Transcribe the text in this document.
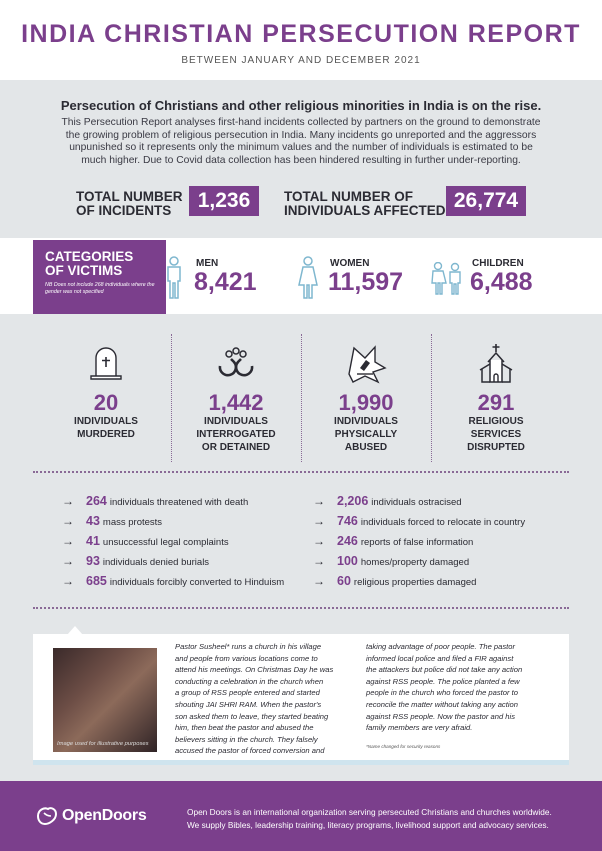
INDIA CHRISTIAN PERSECUTION REPORT
BETWEEN JANUARY AND DECEMBER 2021
Persecution of Christians and other religious minorities in India is on the rise.
This Persecution Report analyses first-hand incidents collected by partners on the ground to demonstrate the growing problem of religious persecution in India. Many incidents go unreported and the aggressors unpunished so it represents only the minimum values and the number of individuals is estimated to be much higher. Due to Covid data collection has been hindered resulting in further under-reporting.
TOTAL NUMBER
OF INCIDENTS	1,236	TOTAL NUMBER OF
INDIVIDUALS AFFECTED 26,774
CATEGORIES
OF VICTIMS
NB Does not include 268 individuals where the gender was not specified
MEN
8,421
WOMEN
11,597
CHILDREN
6,488
20
INDIVIDUALS
MURDERED
1,442
INDIVIDUALS
INTERROGATED
OR DETAINED
1,990
INDIVIDUALS
PHYSICALLY
ABUSED
291
RELIGIOUS
SERVICES
DISRUPTED
→ 264 individuals threatened with death
→ 43 mass protests
→ 41 unsuccessful legal complaints
→ 93 individuals denied burials
→ 685 individuals forcibly converted to Hinduism
→ 2,206 individuals ostracised
→ 746 individuals forced to relocate in country
→ 246 reports of false information
→ 100 homes/property damaged
→ 60 religious properties damaged
Image used for illustrative purposes
Pastor Susheel* runs a church in his village
and people from various locations come to
attend his meetings. On Christmas Day he was
conducting a celebration in the church when
a group of RSS people entered and started
shouting JAI SHRI RAM. When the pastor's
son asked them to leave, they started beating
him, then beat the pastor and abused the
believers sitting in the church. They falsely
accused the pastor of forced conversion and
taking advantage of poor people. The pastor
informed local police and filed a FIR against
the attackers but police did not take any action
against RSS people. The police planted a few
people in the church who forced the pastor to
reconcile the matter without taking any action
against RSS people. Now the pastor and his
family members are very afraid.
*Name changed for security reasons
OpenDoors	Open Doors is an international organization serving persecuted Christians and churches worldwide.
We supply Bibles, leadership training, literacy programs, livelihood support and advocacy services.
